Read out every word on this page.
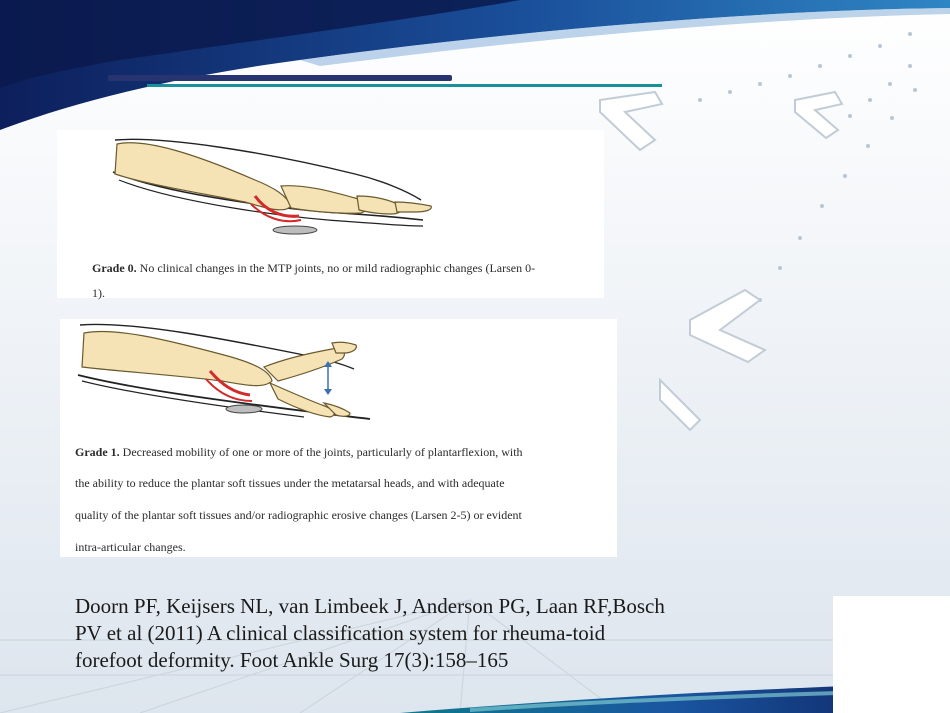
Grade 0. No clinical changes in the MTP joints, no or mild radiographic changes (Larsen 0-

1).

Grade 1. Decreased mobility of one or more of the joints, particularly of plantarflexion, with

the ability to reduce the plantar soft tissues under the metatarsal heads, and with adequate

quality of the plantar soft tissues and/or radiographic erosive changes (Larsen 2-5) or evident

intra-articular changes.

Doorn PF, Keijsers NL, van Limbeek J, Anderson PG, Laan RF,Bosch PV et al (2011) A clinical classification system for rheuma-toid forefoot deformity. Foot Ankle Surg 17(3):158–165
